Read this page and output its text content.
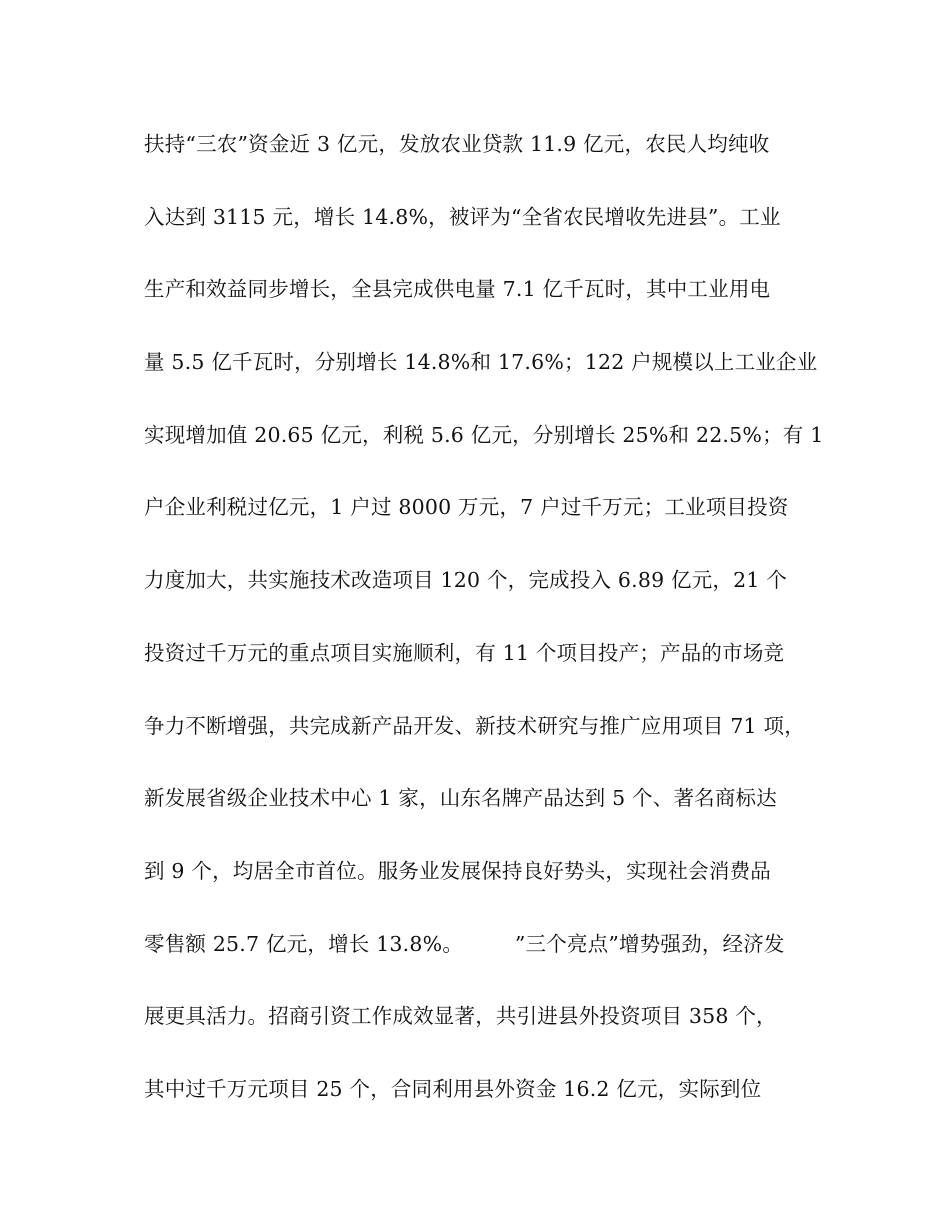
扶持“三农”资金近 3 亿元，发放农业贷款 11.9 亿元，农民人均纯收
入达到 3115 元，增长 14.8%，被评为“全省农民增收先进县”。工业
生产和效益同步增长，全县完成供电量 7.1 亿千瓦时，其中工业用电
量 5.5 亿千瓦时，分别增长 14.8%和 17.6%；122 户规模以上工业企业
实现增加值 20.65 亿元，利税 5.6 亿元，分别增长 25%和 22.5%；有 1
户企业利税过亿元，1 户过 8000 万元，7 户过千万元；工业项目投资
力度加大，共实施技术改造项目 120 个，完成投入 6.89 亿元，21 个
投资过千万元的重点项目实施顺利，有 11 个项目投产；产品的市场竞
争力不断增强，共完成新产品开发、新技术研究与推广应用项目 71 项，
新发展省级企业技术中心 1 家，山东名牌产品达到 5 个、著名商标达
到 9 个，均居全市首位。服务业发展保持良好势头，实现社会消费品
零售额 25.7 亿元，增长 13.8%。　　　”三个亮点”增势强劲，经济发
展更具活力。招商引资工作成效显著，共引进县外投资项目 358 个，
其中过千万元项目 25 个，合同利用县外资金 16.2 亿元，实际到位
